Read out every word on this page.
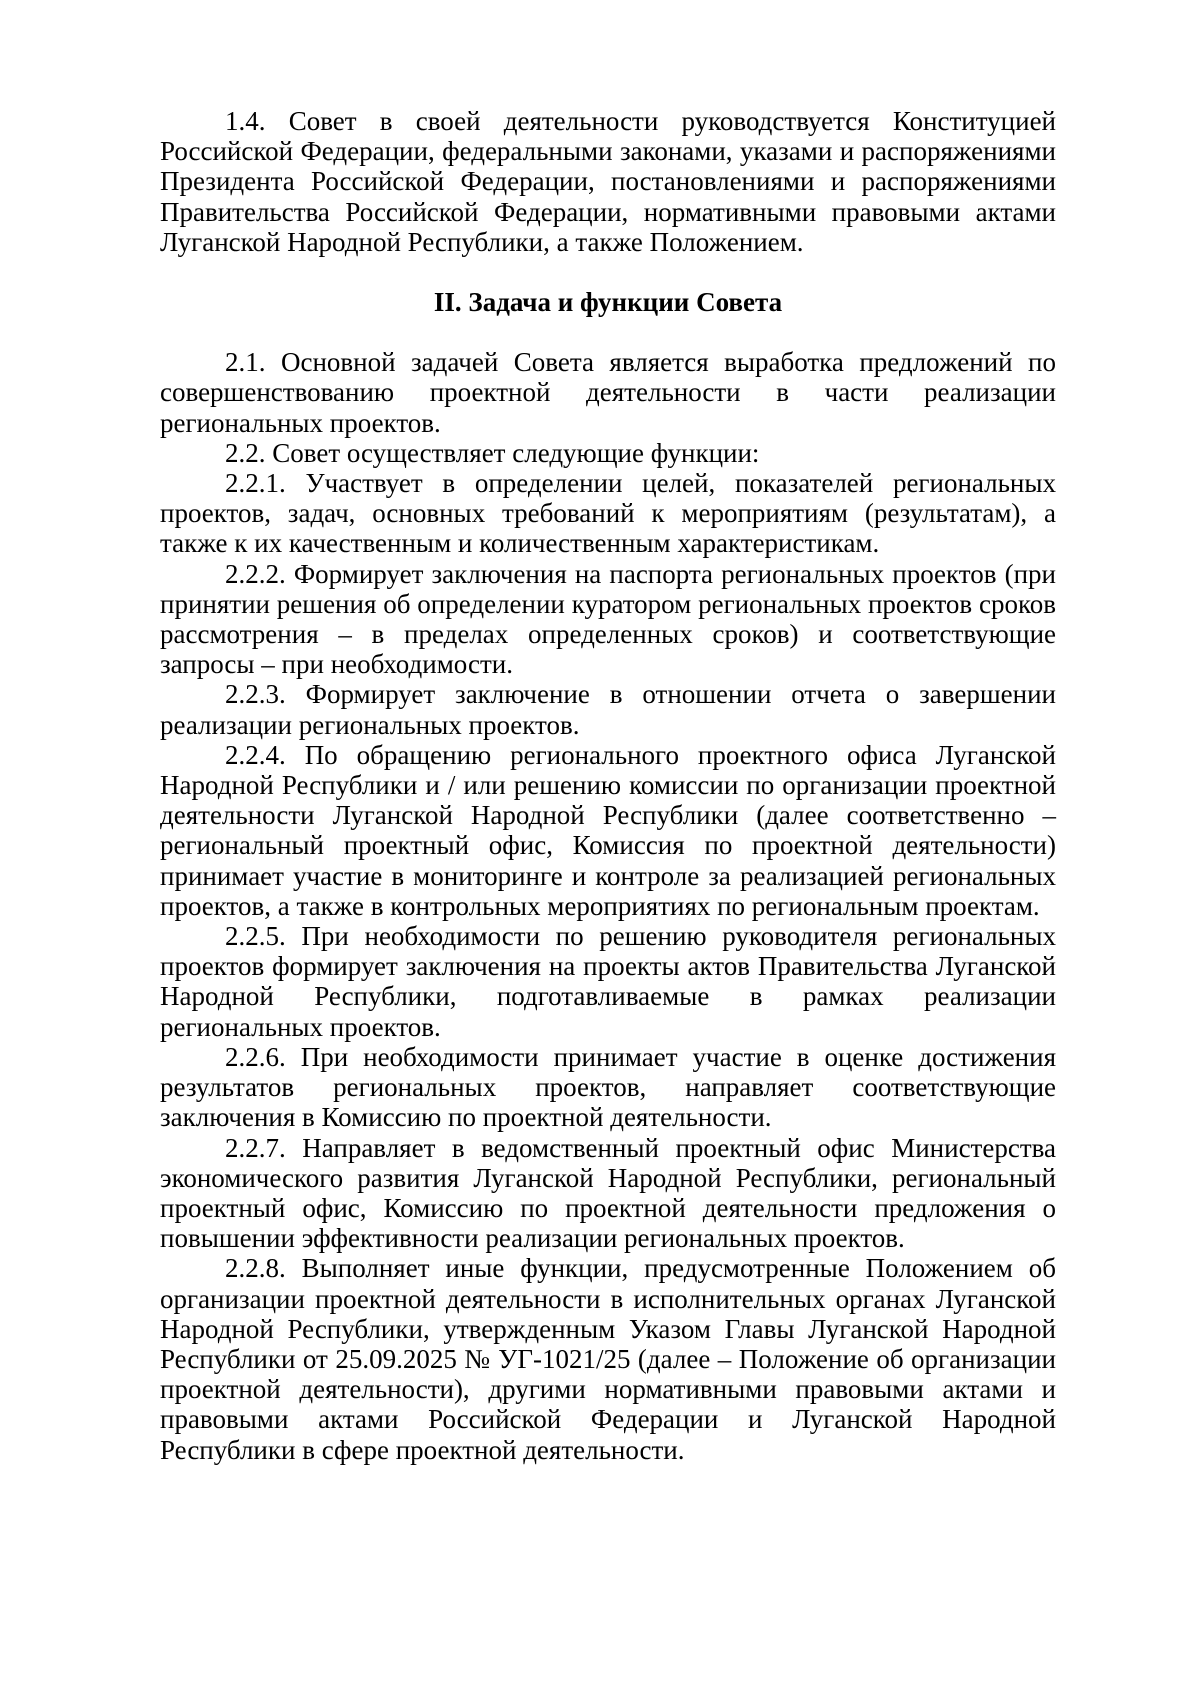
1.4. Совет в своей деятельности руководствуется Конституцией Российской Федерации, федеральными законами, указами и распоряжениями Президента Российской Федерации, постановлениями и распоряжениями Правительства Российской Федерации, нормативными правовыми актами Луганской Народной Республики, а также Положением.

II. Задача и функции Совета

2.1. Основной задачей Совета является выработка предложений по совершенствованию проектной деятельности в части реализации региональных проектов.

2.2. Совет осуществляет следующие функции:

2.2.1. Участвует в определении целей, показателей региональных проектов, задач, основных требований к мероприятиям (результатам), а также к их качественным и количественным характеристикам.

2.2.2. Формирует заключения на паспорта региональных проектов (при принятии решения об определении куратором региональных проектов сроков рассмотрения – в пределах определенных сроков) и соответствующие запросы – при необходимости.

2.2.3. Формирует заключение в отношении отчета о завершении реализации региональных проектов.

2.2.4. По обращению регионального проектного офиса Луганской Народной Республики и / или решению комиссии по организации проектной деятельности Луганской Народной Республики (далее соответственно – региональный проектный офис, Комиссия по проектной деятельности) принимает участие в мониторинге и контроле за реализацией региональных проектов, а также в контрольных мероприятиях по региональным проектам.

2.2.5. При необходимости по решению руководителя региональных проектов формирует заключения на проекты актов Правительства Луганской Народной Республики, подготавливаемые в рамках реализации региональных проектов.

2.2.6. При необходимости принимает участие в оценке достижения результатов региональных проектов, направляет соответствующие заключения в Комиссию по проектной деятельности.

2.2.7. Направляет в ведомственный проектный офис Министерства экономического развития Луганской Народной Республики, региональный проектный офис, Комиссию по проектной деятельности предложения о повышении эффективности реализации региональных проектов.

2.2.8. Выполняет иные функции, предусмотренные Положением об организации проектной деятельности в исполнительных органах Луганской Народной Республики, утвержденным Указом Главы Луганской Народной Республики от 25.09.2025 № УГ-1021/25 (далее – Положение об организации проектной деятельности), другими нормативными правовыми актами и правовыми актами Российской Федерации и Луганской Народной Республики в сфере проектной деятельности.
